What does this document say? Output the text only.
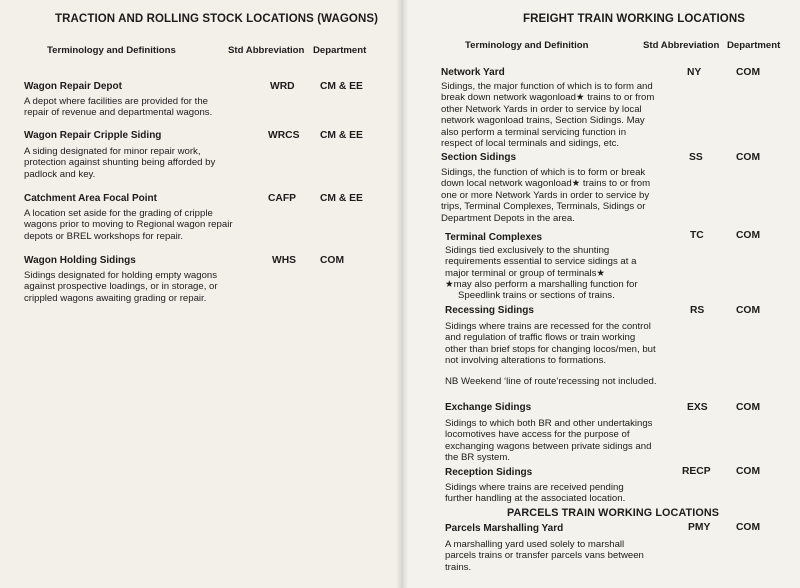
TRACTION AND ROLLING STOCK LOCATIONS (WAGONS)
Terminology and Definitions	Std Abbreviation Department
Wagon Repair Depot	WRD CM & EE
A depot where facilities are provided for the repair of revenue and departmental wagons.
Wagon Repair Cripple Siding	WRCS CM & EE
A siding designated for minor repair work, protection against shunting being afforded by padlock and key.
Catchment Area Focal Point	CAFP CM & EE
A location set aside for the grading of cripple wagons prior to moving to Regional wagon repair depots or BREL workshops for repair.
Wagon Holding Sidings	WHS COM
Sidings designated for holding empty wagons against prospective loadings, or in storage, or crippled wagons awaiting grading or repair.
FREIGHT TRAIN WORKING LOCATIONS
Terminology and Definition	Std Abbreviation Department
Network Yard	NY	COM
Sidings, the major function of which is to form and break down network wagonload★ trains to or from other Network Yards in order to service by local network wagonload trains, Section Sidings. May also perform a terminal servicing function in respect of local terminals and sidings, etc.
Section Sidings	SS	COM
Sidings, the function of which is to form or break down local network wagonload★ trains to or from one or more Network Yards in order to service by trips, Terminal Complexes, Terminals, Sidings or Department Depots in the area.
Terminal Complexes	TC	COM
Sidings tied exclusively to the shunting requirements essential to service sidings at a major terminal or group of terminals★
★may also perform a marshalling function for Speedlink trains or sections of trains.
Recessing Sidings	RS	COM
Sidings where trains are recessed for the control and regulation of traffic flows or train working other than brief stops for changing locos/men, but not involving alterations to formations.
NB Weekend ‘line of route’recessing not included.
Exchange Sidings	EXS	COM
Sidings to which both BR and other undertakings locomotives have access for the purpose of exchanging wagons between private sidings and the BR system.
Reception Sidings	RECP COM
Sidings where trains are received pending further handling at the associated location.
PARCELS TRAIN WORKING LOCATIONS
Parcels Marshalling Yard	PMY COM
A marshalling yard used solely to marshall parcels trains or transfer parcels vans between trains.
